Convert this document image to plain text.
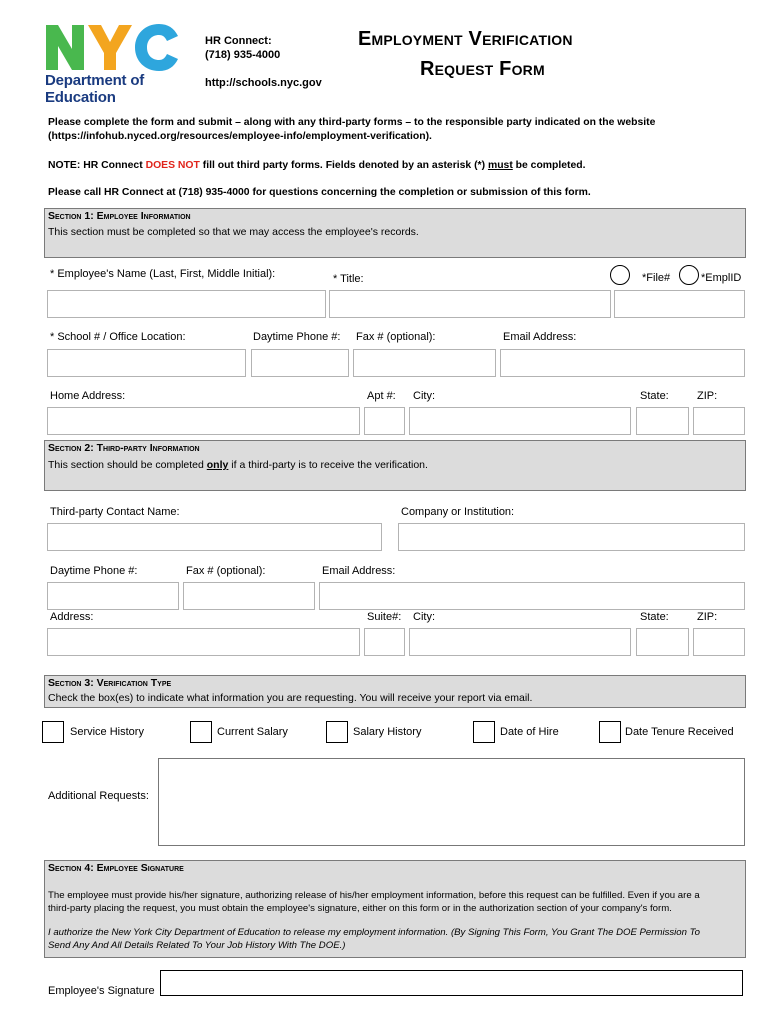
Department of
Education
HR Connect:
(718) 935-4000
http://schools.nyc.gov
Employment Verification
Request Form
Please complete the form and submit – along with any third-party forms – to the responsible party indicated on the website
(https://infohub.nyced.org/resources/employee-info/employment-verification).
NOTE: HR Connect DOES NOT fill out third party forms. Fields denoted by an asterisk (*) must be completed.
Please call HR Connect at (718) 935-4000 for questions concerning the completion or submission of this form.
Section 1: Employee Information
This section must be completed so that we may access the employee's records.
* Employee's Name (Last, First, Middle Initial):	* Title:	*File#	*EmplID
* School # / Office Location:	Daytime Phone #: Fax # (optional):	Email Address:
Home Address:	Apt #: City:	State:	ZIP:
Section 2: Third-party Information
This section should be completed only if a third-party is to receive the verification.
Third-party Contact Name:	Company or Institution:
Daytime Phone #:	Fax # (optional):	Email Address:
Address:	Suite#: City:	State:	ZIP:
Section 3: Verification Type
Check the box(es) to indicate what information you are requesting. You will receive your report via email.
Service History	Current Salary	Salary History	Date of Hire	Date Tenure Received
Additional Requests:
Section 4: Employee Signature
The employee must provide his/her signature, authorizing release of his/her employment information, before this request can be fulfilled. Even if you are a
third-party placing the request, you must obtain the employee's signature, either on this form or in the authorization section of your company's form.
I authorize the New York City Department of Education to release my employment information. (By Signing This Form, You Grant The DOE Permission To
Send Any And All Details Related To Your Job History With The DOE.)
Employee's Signature
